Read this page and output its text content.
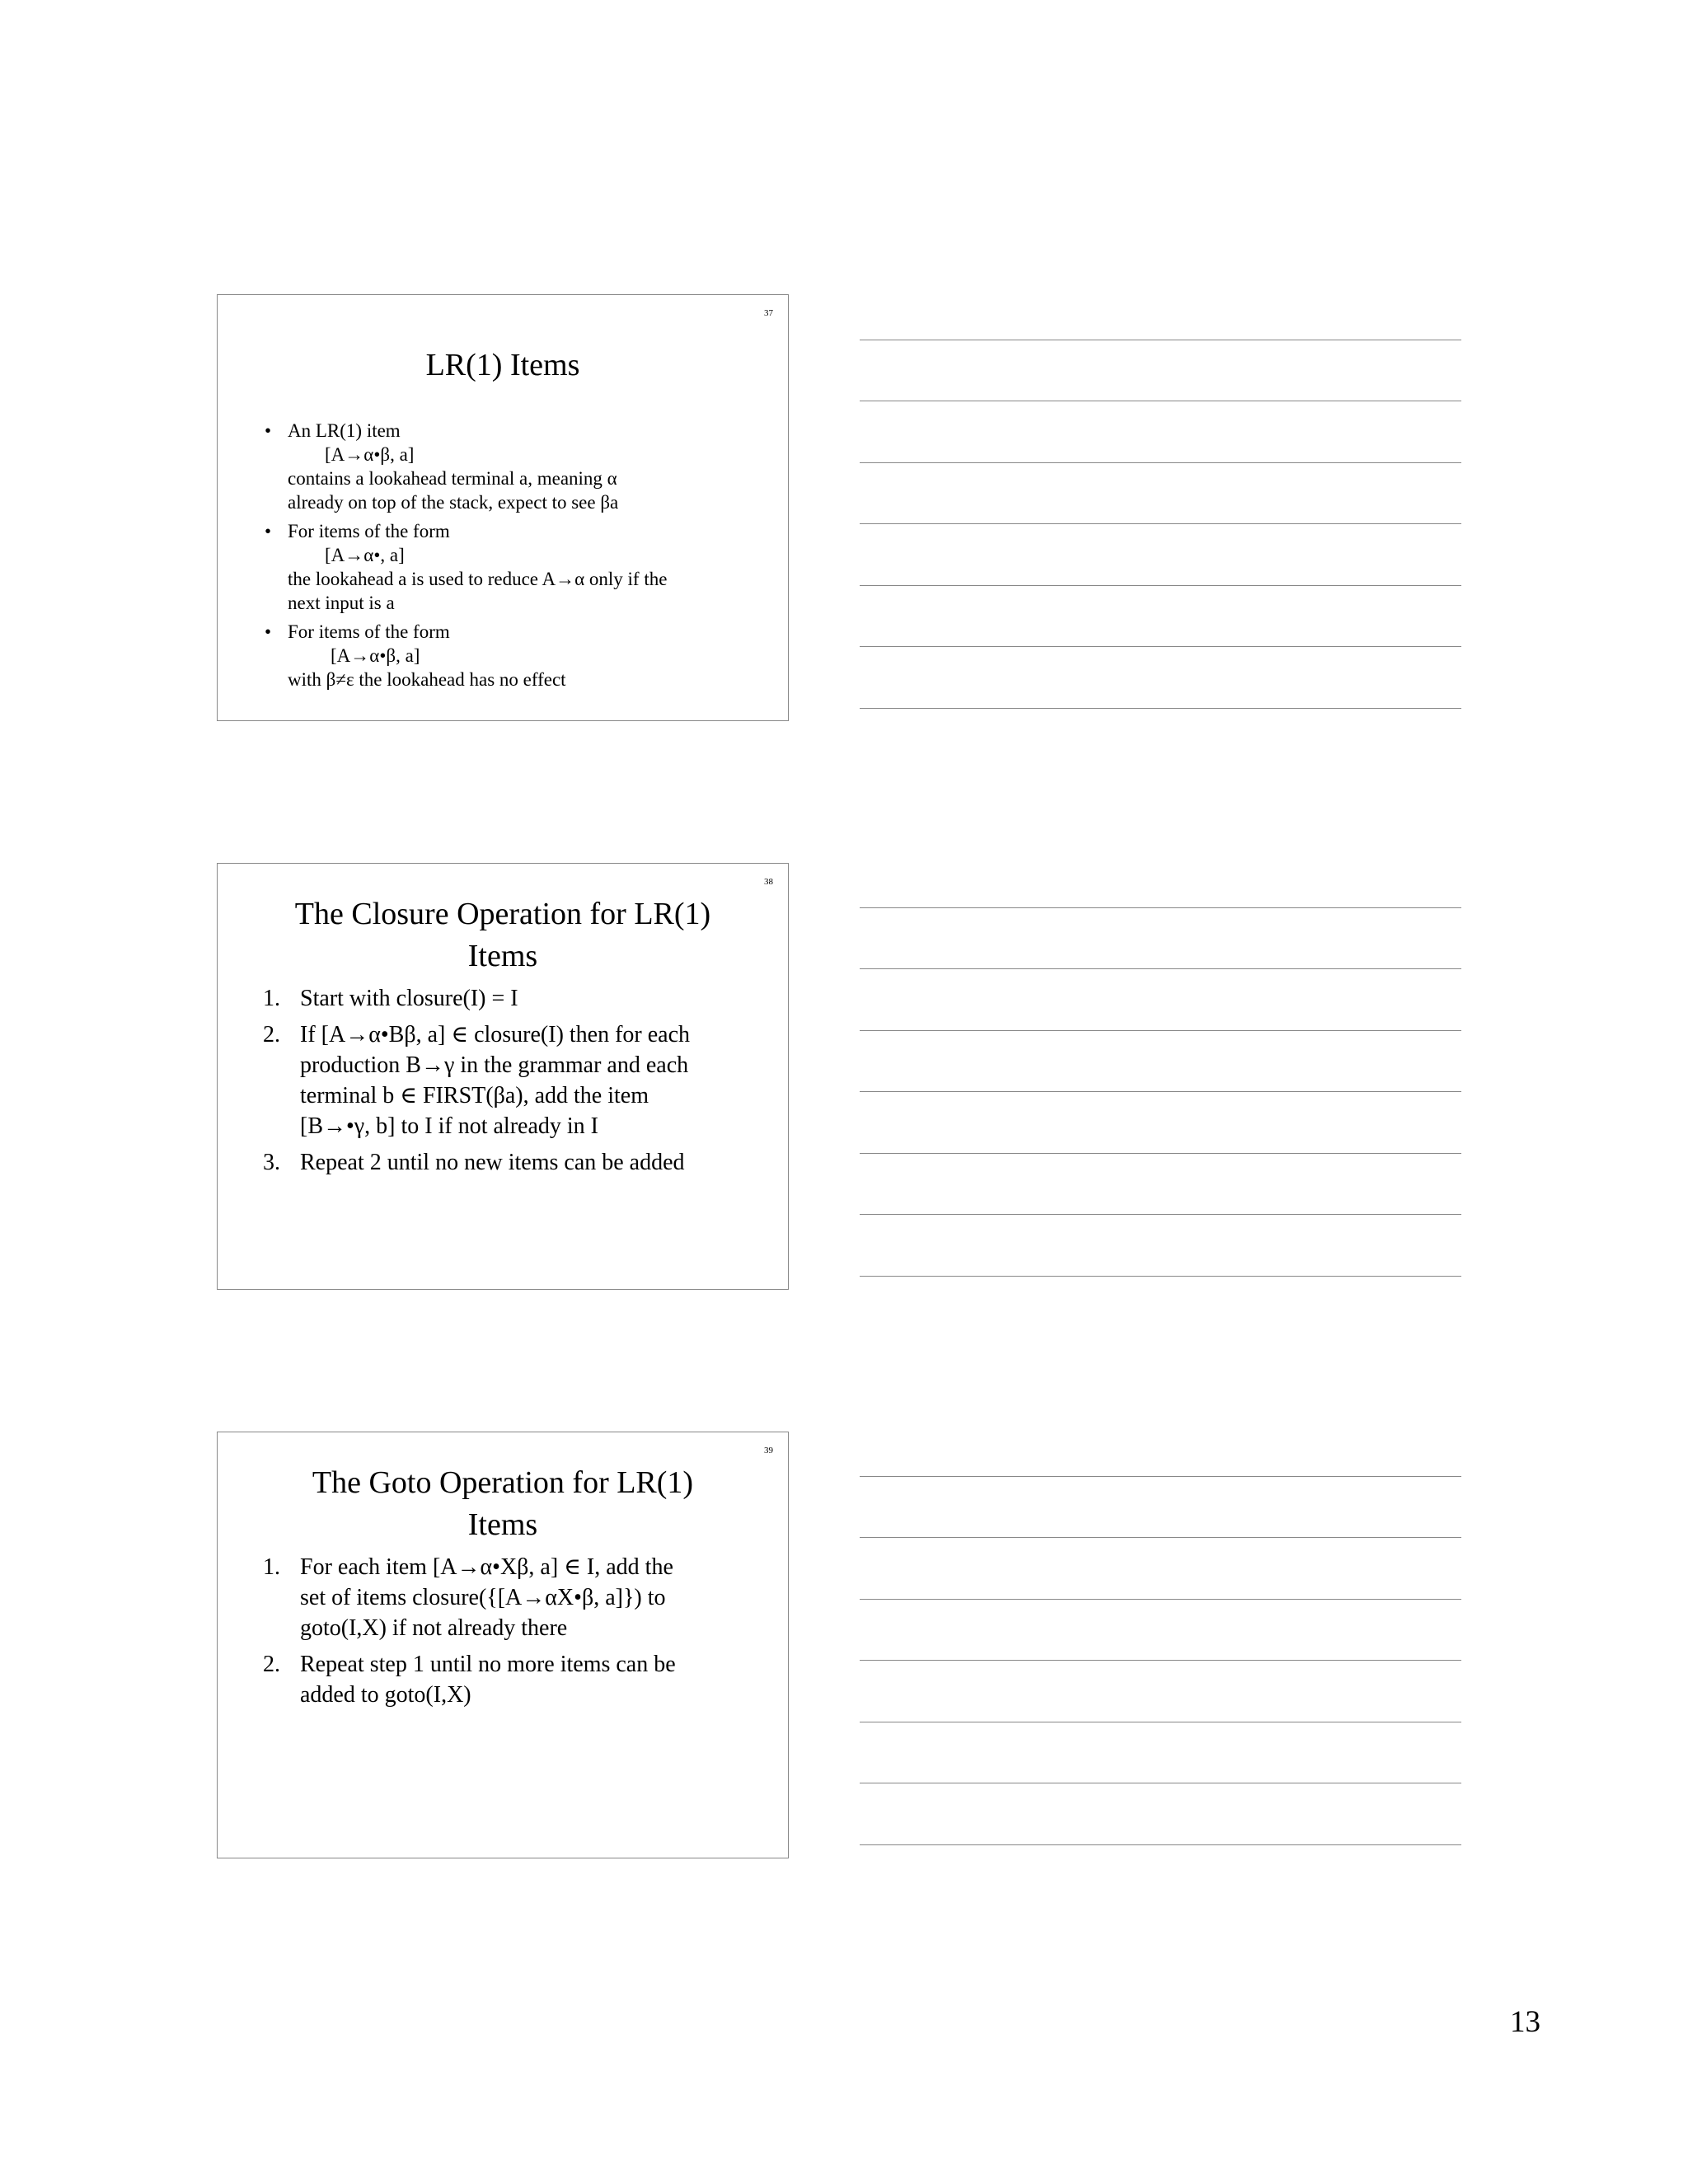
37
LR(1) Items
• An LR(1) item
[A→α•β, a]
contains a lookahead terminal a, meaning α
already on top of the stack, expect to see βa
• For items of the form
[A→α•, a]
the lookahead a is used to reduce A→α only if the
next input is a
• For items of the form
[A→α•β, a]
with β≠ε the lookahead has no effect
38
The Closure Operation for LR(1)
Items
1. Start with closure(I) = I
2. If [A→α•Bβ, a] ∈ closure(I) then for each
production B→γ in the grammar and each
terminal b ∈ FIRST(βa), add the item
[B→•γ, b] to I if not already in I
3. Repeat 2 until no new items can be added
39
The Goto Operation for LR(1)
Items
1. For each item [A→α•Xβ, a] ∈ I, add the
set of items closure({[A→αX•β, a]}) to
goto(I,X) if not already there
2. Repeat step 1 until no more items can be
added to goto(I,X)
13
